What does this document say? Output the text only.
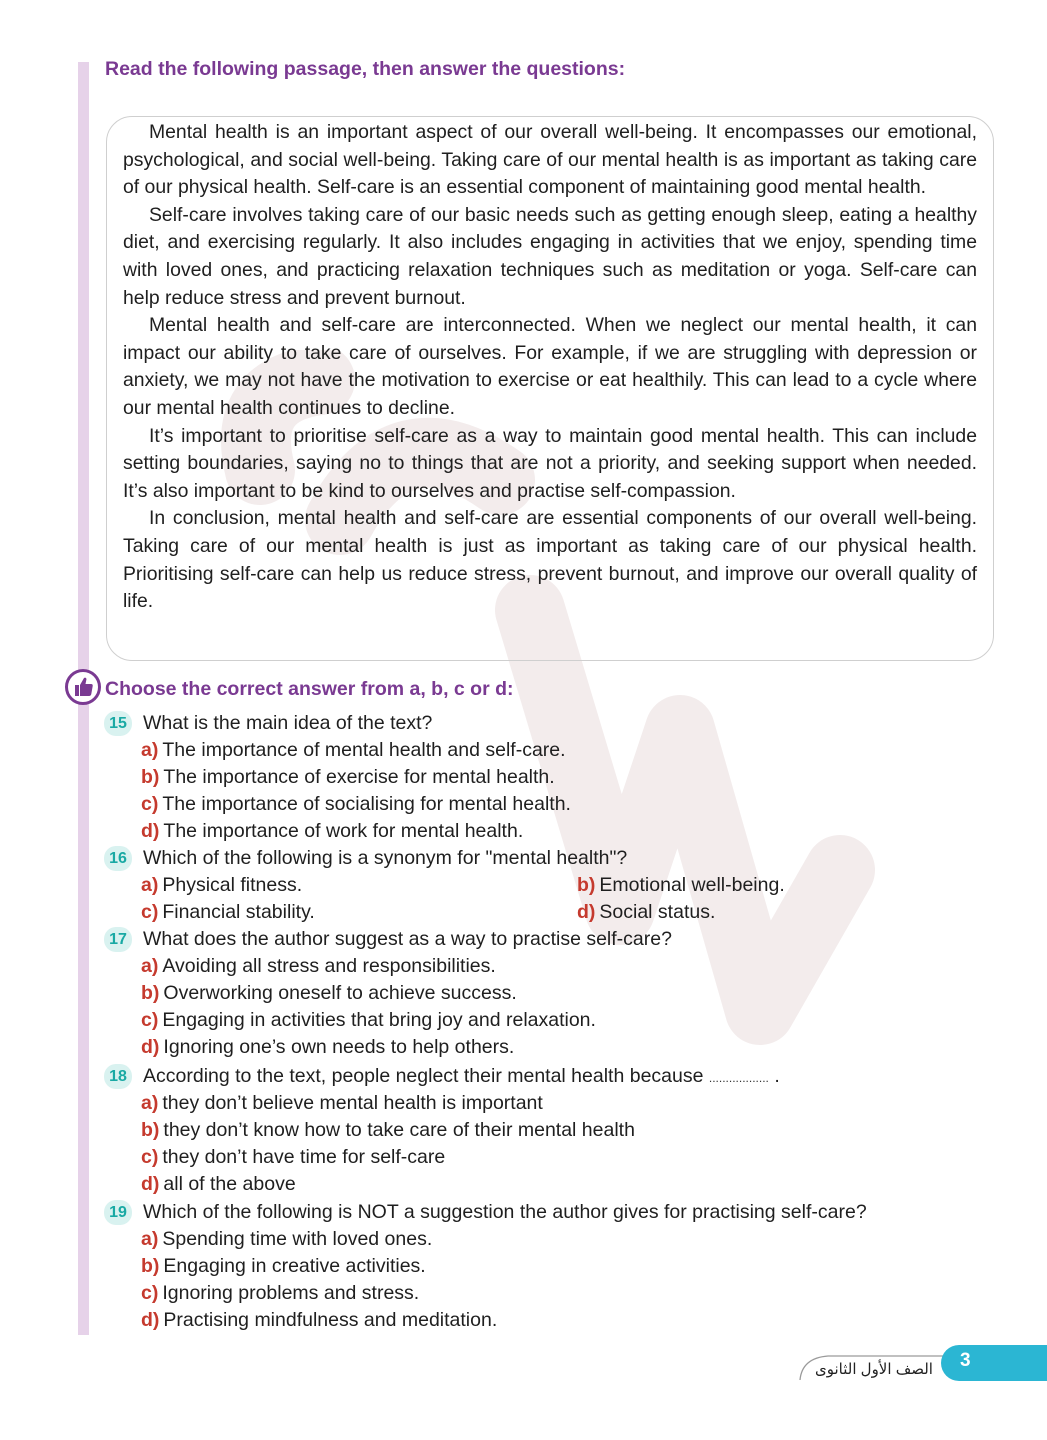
Read the following passage, then answer the questions:

Mental health is an important aspect of our overall well-being. It encompasses our emotional, psychological, and social well-being. Taking care of our mental health is as important as taking care of our physical health. Self-care is an essential component of maintaining good mental health.

Self-care involves taking care of our basic needs such as getting enough sleep, eating a healthy diet, and exercising regularly. It also includes engaging in activities that we enjoy, spending time with loved ones, and practicing relaxation techniques such as meditation or yoga. Self-care can help reduce stress and prevent burnout.

Mental health and self-care are interconnected. When we neglect our mental health, it can impact our ability to take care of ourselves. For example, if we are struggling with depression or anxiety, we may not have the motivation to exercise or eat healthily. This can lead to a cycle where our mental health continues to decline.

It’s important to prioritise self-care as a way to maintain good mental health. This can include setting boundaries, saying no to things that are not a priority, and seeking support when needed. It’s also important to be kind to ourselves and practise self-compassion.

In conclusion, mental health and self-care are essential components of our overall well-being. Taking care of our mental health is just as important as taking care of our physical health. Prioritising self-care can help us reduce stress, prevent burnout, and improve our overall quality of life.

Choose the correct answer from a, b, c or d:
15 What is the main idea of the text?
a) The importance of mental health and self-care.
b) The importance of exercise for mental health.
c) The importance of socialising for mental health.
d) The importance of work for mental health.
16 Which of the following is a synonym for "mental health"?
a) Physical fitness.	b) Emotional well-being.
c) Financial stability.	d) Social status.
17 What does the author suggest as a way to practise self-care?
a) Avoiding all stress and responsibilities.
b) Overworking oneself to achieve success.
c) Engaging in activities that bring joy and relaxation.
d) Ignoring one’s own needs to help others.
18 According to the text, people neglect their mental health because .................. .
a) they don’t believe mental health is important
b) they don’t know how to take care of their mental health
c) they don’t have time for self-care
d) all of the above
19 Which of the following is NOT a suggestion the author gives for practising self-care?
a) Spending time with loved ones.
b) Engaging in creative activities.
c) Ignoring problems and stress.
d) Practising mindfulness and meditation.
الصف الأول الثانوى 3
